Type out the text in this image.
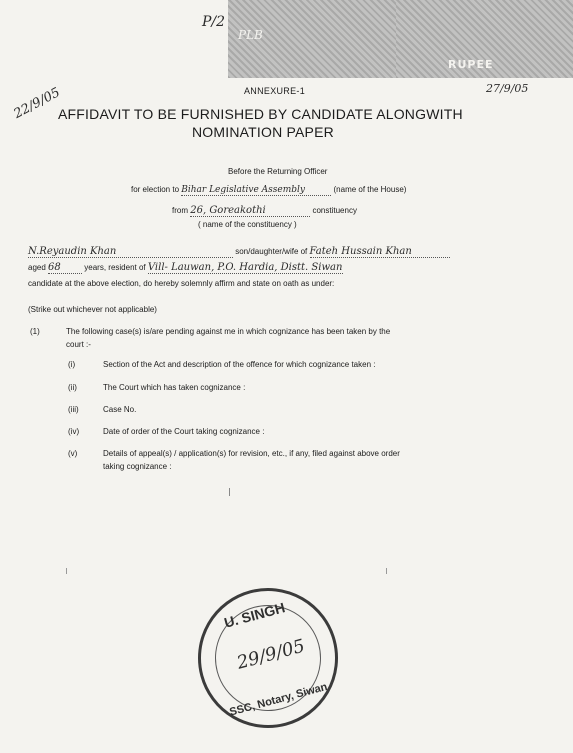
RUPEE
P/2
PLB
27/9/05
22/9/05	ANNEXURE-1
AFFIDAVIT TO BE FURNISHED BY CANDIDATE ALONGWITH
NOMINATION PAPER
Before the Returning Officer
for election to Bihar Legislative Assembly	(name of the House)
from 26, Goreakothi	constituency
( name of the constituency )
N.Reyaudin Khan	son/daughter/wife of Fateh Hussain Khan
aged 68	years, resident of Vill- Lauwan, P.O. Hardia, Distt. Siwan
candidate at the above election, do hereby solemnly affirm and state on oath as under:
(Strike out whichever not applicable)
(1)	The following case(s) is/are pending against me in which cognizance has been taken by the
court :-
(i)	Section of the Act and description of the offence for which cognizance taken :
(ii)	The Court which has taken cognizance :
(iii)	Case No.
(iv)	Date of order of the Court taking cognizance :
(v)	Details of appeal(s) / application(s) for revision, etc., if any, filed against above order
taking cognizance :
U. SINGH
29/9/05
SSC, Notary, Siwan
